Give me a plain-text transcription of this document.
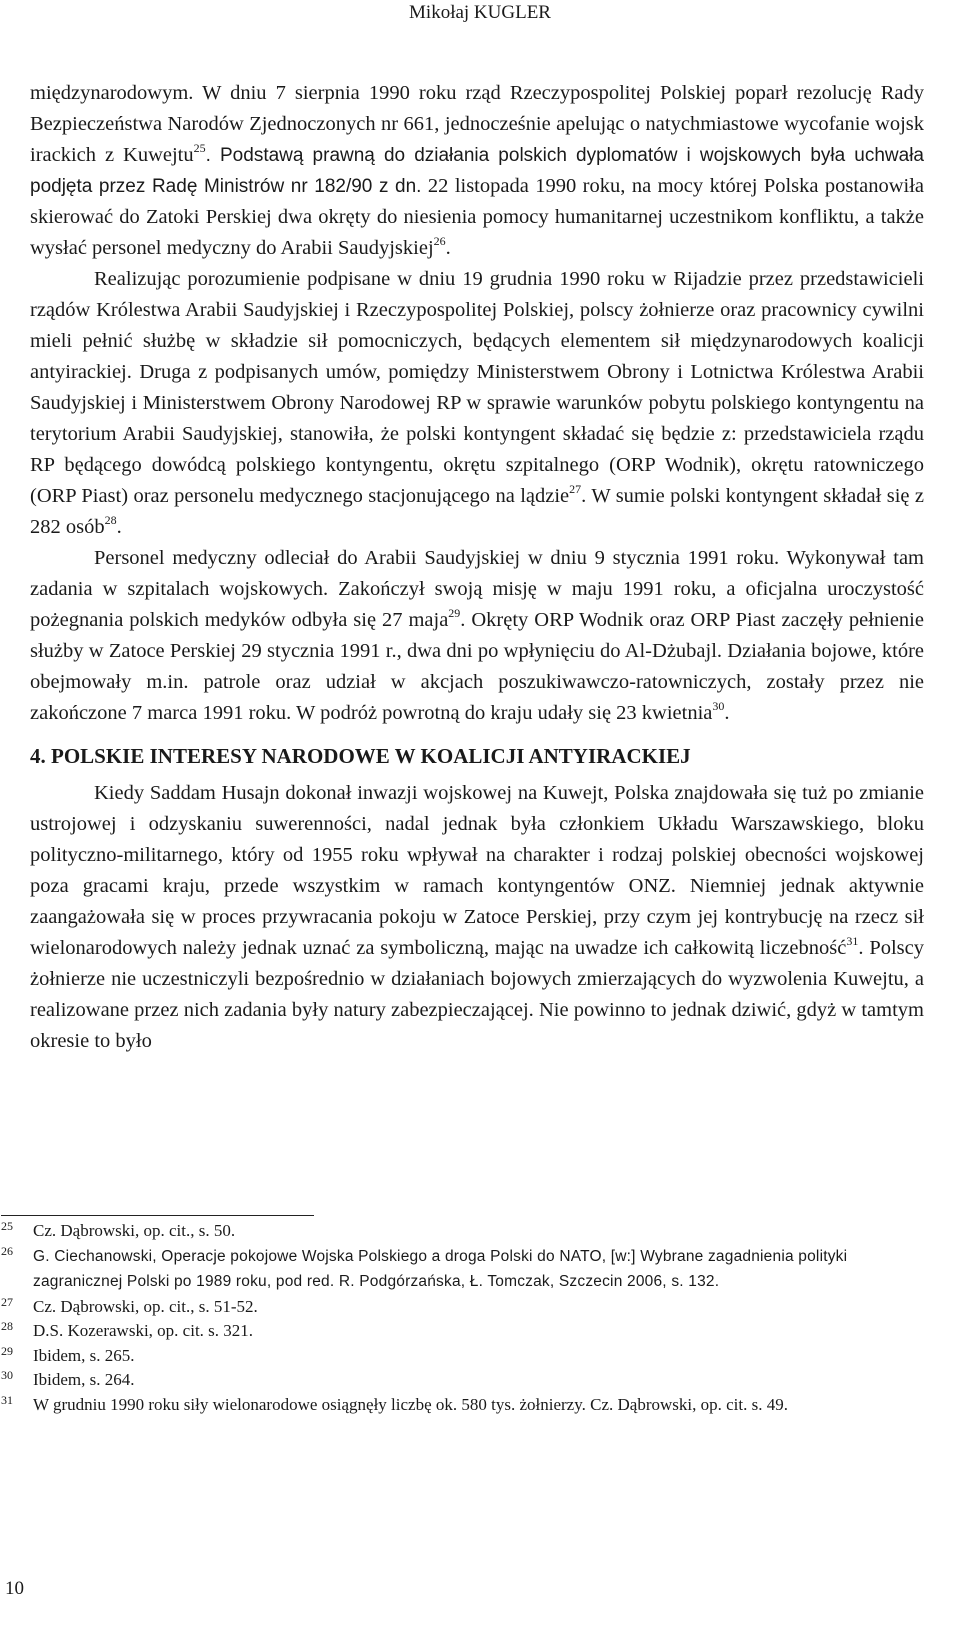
Mikołaj KUGLER

międzynarodowym. W dniu 7 sierpnia 1990 roku rząd Rzeczypospolitej Polskiej poparł rezolucję Rady Bezpieczeństwa Narodów Zjednoczonych nr 661, jednocześnie apelując o natychmiastowe wycofanie wojsk irackich z Kuwejtu$^{25}$. Podstawą prawną do działania polskich dyplomatów i wojskowych była uchwała podjęta przez Radę Ministrów nr 182/90 z dn. 22 listopada 1990 roku, na mocy której Polska postanowiła skierować do Zatoki Perskiej dwa okręty do niesienia pomocy humanitarnej uczestnikom konfliktu, a także wysłać personel medyczny do Arabii Saudyjskiej$^{26}$.

Realizując porozumienie podpisane w dniu 19 grudnia 1990 roku w Rijadzie przez przedstawicieli rządów Królestwa Arabii Saudyjskiej i Rzeczypospolitej Polskiej, polscy żołnierze oraz pracownicy cywilni mieli pełnić służbę w składzie sił pomocniczych, będących elementem sił międzynarodowych koalicji antyirackiej. Druga z podpisanych umów, pomiędzy Ministerstwem Obrony i Lotnictwa Królestwa Arabii Saudyjskiej i Ministerstwem Obrony Narodowej RP w sprawie warunków pobytu polskiego kontyngentu na terytorium Arabii Saudyjskiej, stanowiła, że polski kontyngent składać się będzie z: przedstawiciela rządu RP będącego dowódcą polskiego kontyngentu, okrętu szpitalnego (ORP Wodnik), okrętu ratowniczego (ORP Piast) oraz personelu medycznego stacjonującego na lądzie$^{27}$. W sumie polski kontyngent składał się z 282 osób$^{28}$.

Personel medyczny odleciał do Arabii Saudyjskiej w dniu 9 stycznia 1991 roku. Wykonywał tam zadania w szpitalach wojskowych. Zakończył swoją misję w maju 1991 roku, a oficjalna uroczystość pożegnania polskich medyków odbyła się 27 maja$^{29}$. Okręty ORP Wodnik oraz ORP Piast zaczęły pełnienie służby w Zatoce Perskiej 29 stycznia 1991 r., dwa dni po wpłynięciu do Al-Dżubajl. Działania bojowe, które obejmowały m.in. patrole oraz udział w akcjach poszukiwawczo-ratowniczych, zostały przez nie zakończone 7 marca 1991 roku. W podróż powrotną do kraju udały się 23 kwietnia$^{30}$.

4. POLSKIE INTERESY NARODOWE W KOALICJI ANTYIRACKIEJ

Kiedy Saddam Husajn dokonał inwazji wojskowej na Kuwejt, Polska znajdowała się tuż po zmianie ustrojowej i odzyskaniu suwerenności, nadal jednak była członkiem Układu Warszawskiego, bloku polityczno-militarnego, który od 1955 roku wpływał na charakter i rodzaj polskiej obecności wojskowej poza gracami kraju, przede wszystkim w ramach kontyngentów ONZ. Niemniej jednak aktywnie zaangażowała się w proces przywracania pokoju w Zatoce Perskiej, przy czym jej kontrybucję na rzecz sił wielonarodowych należy jednak uznać za symboliczną, mając na uwadze ich całkowitą liczebność$^{31}$. Polscy żołnierze nie uczestniczyli bezpośrednio w działaniach bojowych zmierzających do wyzwolenia Kuwejtu, a realizowane przez nich zadania były natury zabezpieczającej. Nie powinno to jednak dziwić, gdyż w tamtym okresie to było

25 Cz. Dąbrowski, op. cit., s. 50.

26 G. Ciechanowski, Operacje pokojowe Wojska Polskiego a droga Polski do NATO, [w:] Wybrane zagadnienia polityki zagranicznej Polski po 1989 roku, pod red. R. Podgórzańska, Ł. Tomczak, Szczecin 2006, s. 132.

27 Cz. Dąbrowski, op. cit., s. 51-52.

28 D.S. Kozerawski, op. cit. s. 321.

29 Ibidem, s. 265.

30 Ibidem, s. 264.

31 W grudniu 1990 roku siły wielonarodowe osiągnęły liczbę ok. 580 tys. żołnierzy. Cz. Dąbrowski, op. cit. s. 49.

10
